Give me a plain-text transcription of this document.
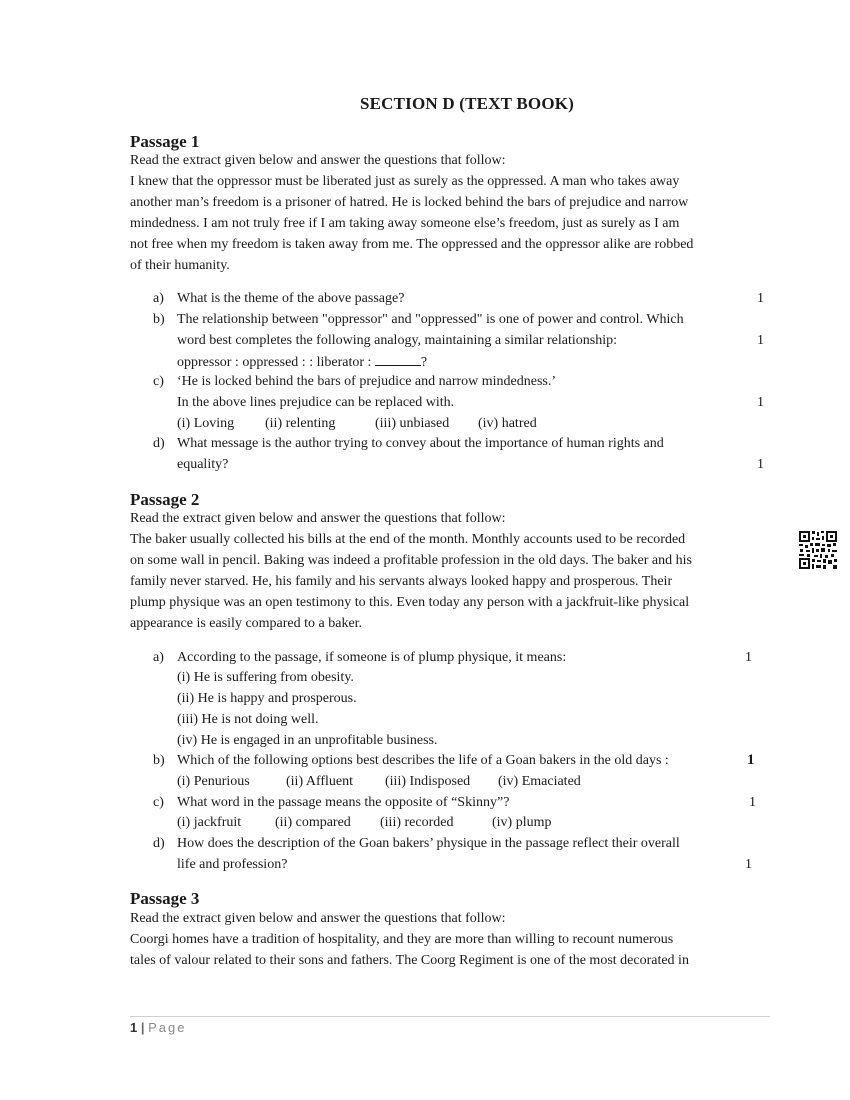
SECTION D (TEXT BOOK)
Passage 1
Read the extract given below and answer the questions that follow:
I knew that the oppressor must be liberated just as surely as the oppressed. A man who takes away
another man’s freedom is a prisoner of hatred. He is locked behind the bars of prejudice and narrow
mindedness. I am not truly free if I am taking away someone else’s freedom, just as surely as I am
not free when my freedom is taken away from me. The oppressed and the oppressor alike are robbed
of their humanity.
a) What is the theme of the above passage?	1
b) The relationship between "oppressor" and "oppressed" is one of power and control. Which
word best completes the following analogy, maintaining a similar relationship:	1
oppressor : oppressed : : liberator :	?
c) ‘He is locked behind the bars of prejudice and narrow mindedness.’
In the above lines prejudice can be replaced with.	1
(i) Loving (ii) relenting	(iii) unbiased (iv) hatred
d) What message is the author trying to convey about the importance of human rights and
equality?	1
Passage 2
Read the extract given below and answer the questions that follow:
The baker usually collected his bills at the end of the month. Monthly accounts used to be recorded
on some wall in pencil. Baking was indeed a profitable profession in the old days. The baker and his
family never starved. He, his family and his servants always looked happy and prosperous. Their
plump physique was an open testimony to this. Even today any person with a jackfruit-like physical
appearance is easily compared to a baker.
a) According to the passage, if someone is of plump physique, it means:	1
(i) He is suffering from obesity.
(ii) He is happy and prosperous.
(iii) He is not doing well.
(iv) He is engaged in an unprofitable business.
b) Which of the following options best describes the life of a Goan bakers in the old days :	1
(i) Penurious	(ii) Affluent (iii) Indisposed (iv) Emaciated
c) What word in the passage means the opposite of “Skinny”?	1
(i) jackfruit (ii) compared (iii) recorded	(iv) plump
d) How does the description of the Goan bakers’ physique in the passage reflect their overall
life and profession?	1
Passage 3
Read the extract given below and answer the questions that follow:
Coorgi homes have a tradition of hospitality, and they are more than willing to recount numerous
tales of valour related to their sons and fathers. The Coorg Regiment is one of the most decorated in
1 | Page
